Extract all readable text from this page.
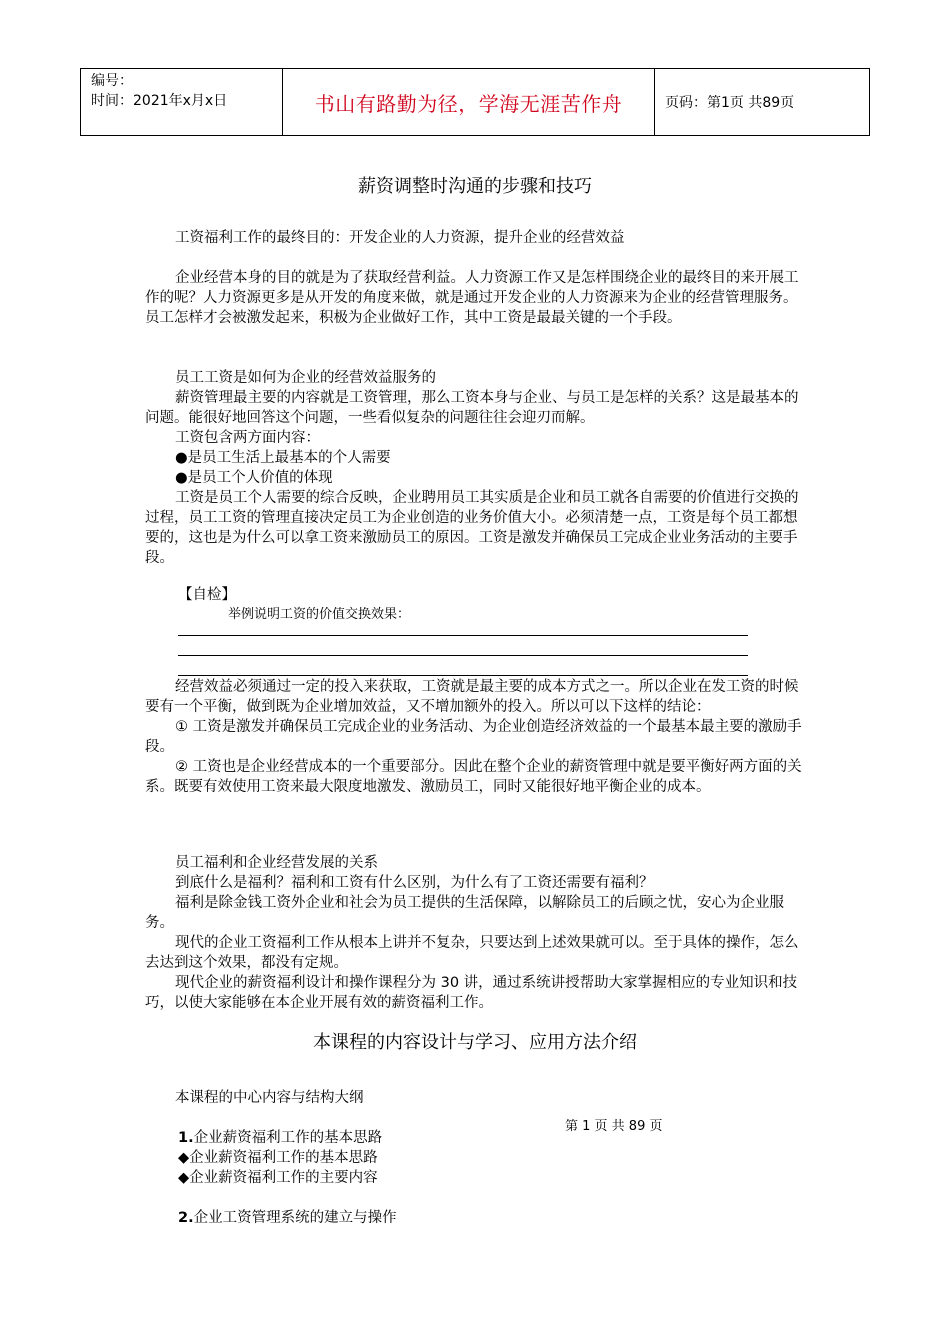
编号：
时间：2021年x月x日	书山有路勤为径，学海无涯苦作舟	页码：第1页 共89页
薪资调整时沟通的步骤和技巧

工资福利工作的最终目的：开发企业的人力资源，提升企业的经营效益

企业经营本身的目的就是为了获取经营利益。人力资源工作又是怎样围绕企业的最终目的来开展工作的呢？人力资源更多是从开发的角度来做，就是通过开发企业的人力资源来为企业的经营管理服务。员工怎样才会被激发起来，积极为企业做好工作，其中工资是最最关键的一个手段。

员工工资是如何为企业的经营效益服务的

薪资管理最主要的内容就是工资管理，那么工资本身与企业、与员工是怎样的关系？这是最基本的问题。能很好地回答这个问题，一些看似复杂的问题往往会迎刃而解。

工资包含两方面内容：

●是员工生活上最基本的个人需要

●是员工个人价值的体现

工资是员工个人需要的综合反映，企业聘用员工其实质是企业和员工就各自需要的价值进行交换的过程，员工工资的管理直接决定员工为企业创造的业务价值大小。必须清楚一点，工资是每个员工都想要的，这也是为什么可以拿工资来激励员工的原因。工资是激发并确保员工完成企业业务活动的主要手段。

【自检】
举例说明工资的价值交换效果：

经营效益必须通过一定的投入来获取，工资就是最主要的成本方式之一。所以企业在发工资的时候要有一个平衡，做到既为企业增加效益，又不增加额外的投入。所以可以下这样的结论：

① 工资是激发并确保员工完成企业的业务活动、为企业创造经济效益的一个最基本最主要的激励手段。

② 工资也是企业经营成本的一个重要部分。因此在整个企业的薪资管理中就是要平衡好两方面的关系。既要有效使用工资来最大限度地激发、激励员工，同时又能很好地平衡企业的成本。

员工福利和企业经营发展的关系

到底什么是福利？福利和工资有什么区别，为什么有了工资还需要有福利？

福利是除金钱工资外企业和社会为员工提供的生活保障，以解除员工的后顾之忧，安心为企业服务。

现代的企业工资福利工作从根本上讲并不复杂，只要达到上述效果就可以。至于具体的操作，怎么去达到这个效果，都没有定规。

现代企业的薪资福利设计和操作课程分为 30 讲，通过系统讲授帮助大家掌握相应的专业知识和技巧，以使大家能够在本企业开展有效的薪资福利工作。

本课程的内容设计与学习、应用方法介绍

本课程的中心内容与结构大纲

第 1 页 共 89 页
1.企业薪资福利工作的基本思路
◆企业薪资福利工作的基本思路
◆企业薪资福利工作的主要内容
2.企业工资管理系统的建立与操作
